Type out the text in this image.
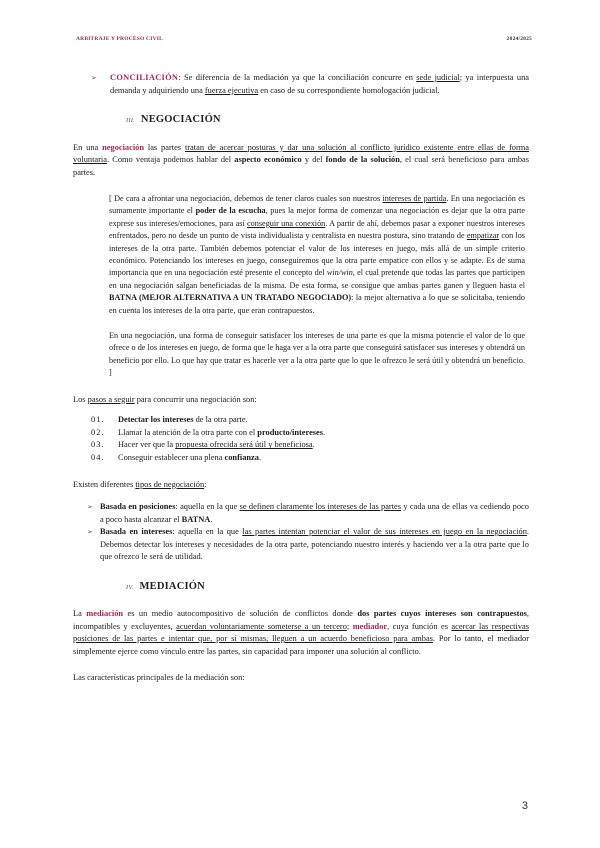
ARBITRAJE Y PROCESO CIVIL	2024/2025

➢ CONCILIACIÓN: Se diferencia de la mediación ya que la conciliación concurre en sede judicial; ya interpuesta una demanda y adquiriendo una fuerza ejecutiva en caso de su correspondiente homologación judicial.

III. NEGOCIACIÓN

En una negociación las partes tratan de acercar posturas y dar una solución al conflicto jurídico existente entre ellas de forma voluntaria. Como ventaja podemos hablar del aspecto económico y del fondo de la solución, el cual será beneficioso para ambas partes.

[ De cara a afrontar una negociación, debemos de tener claros cuales son nuestros intereses de partida. En una negociación es sumamente importante el poder de la escucha, pues la mejor forma de comenzar una negociación es dejar que la otra parte exprese sus intereses/emociones, para así conseguir una conexión. A partir de ahí, debemos pasar a exponer nuestros intereses enfrentados, pero no desde un punto de vista individualista y centralista en nuestra postura, sino tratando de empatizar con los intereses de la otra parte. También debemos potenciar el valor de los intereses en juego, más allá de un simple criterio económico. Potenciando los intereses en juego, conseguiremos que la otra parte empatice con ellos y se adapte. Es de suma importancia que en una negociación esté presente el concepto del win/win, el cual pretende que todas las partes que participen en una negociación salgan beneficiadas de la misma. De esta forma, se consigue que ambas partes ganen y lleguen hasta el BATNA (MEJOR ALTERNATIVA A UN TRATADO NEGOCIADO): la mejor alternativa a lo que se solicitaba, teniendo en cuenta los intereses de la otra parte, que eran contrapuestos.

En una negociación, una forma de conseguir satisfacer los intereses de una parte es que la misma potencie el valor de lo que ofrece o de los intereses en juego, de forma que le haga ver a la otra parte que conseguirá satisfacer sus intereses y obtendrá un beneficio por ello. Lo que hay que tratar es hacerle ver a la otra parte que lo que le ofrezco le será útil y obtendrá un beneficio. ]

Los pasos a seguir para concurrir una negociación son:

01.	Detectar los intereses de la otra parte.
02.	Llamar la atención de la otra parte con el producto/intereses.
03.	Hacer ver que la propuesta ofrecida será útil y beneficiosa.
04.	Conseguir establecer una plena confianza.

Existen diferentes tipos de negociación:

➢ Basada en posiciones: aquella en la que se definen claramente los intereses de las partes y cada una de ellas va cediendo poco a poco hasta alcanzar el BATNA.
➢ Basada en intereses: aquella en la que las partes intentan potenciar el valor de sus intereses en juego en la negociación. Debemos detectar los intereses y necesidades de la otra parte, potenciando nuestro interés y haciendo ver a la otra parte que lo que ofrezco le será de utilidad.
IV. MEDIACIÓN

La mediación es un medio autocompositivo de solución de conflictos donde dos partes cuyos intereses son contrapuestos, incompatibles y excluyentes, acuerdan voluntariamente someterse a un tercero; mediador, cuya función es acercar las respectivas posiciones de las partes e intentar que, por sí mismas, lleguen a un acuerdo beneficioso para ambas. Por lo tanto, el mediador simplemente ejerce como vínculo entre las partes, sin capacidad para imponer una solución al conflicto.

Las características principales de la mediación son:

3
